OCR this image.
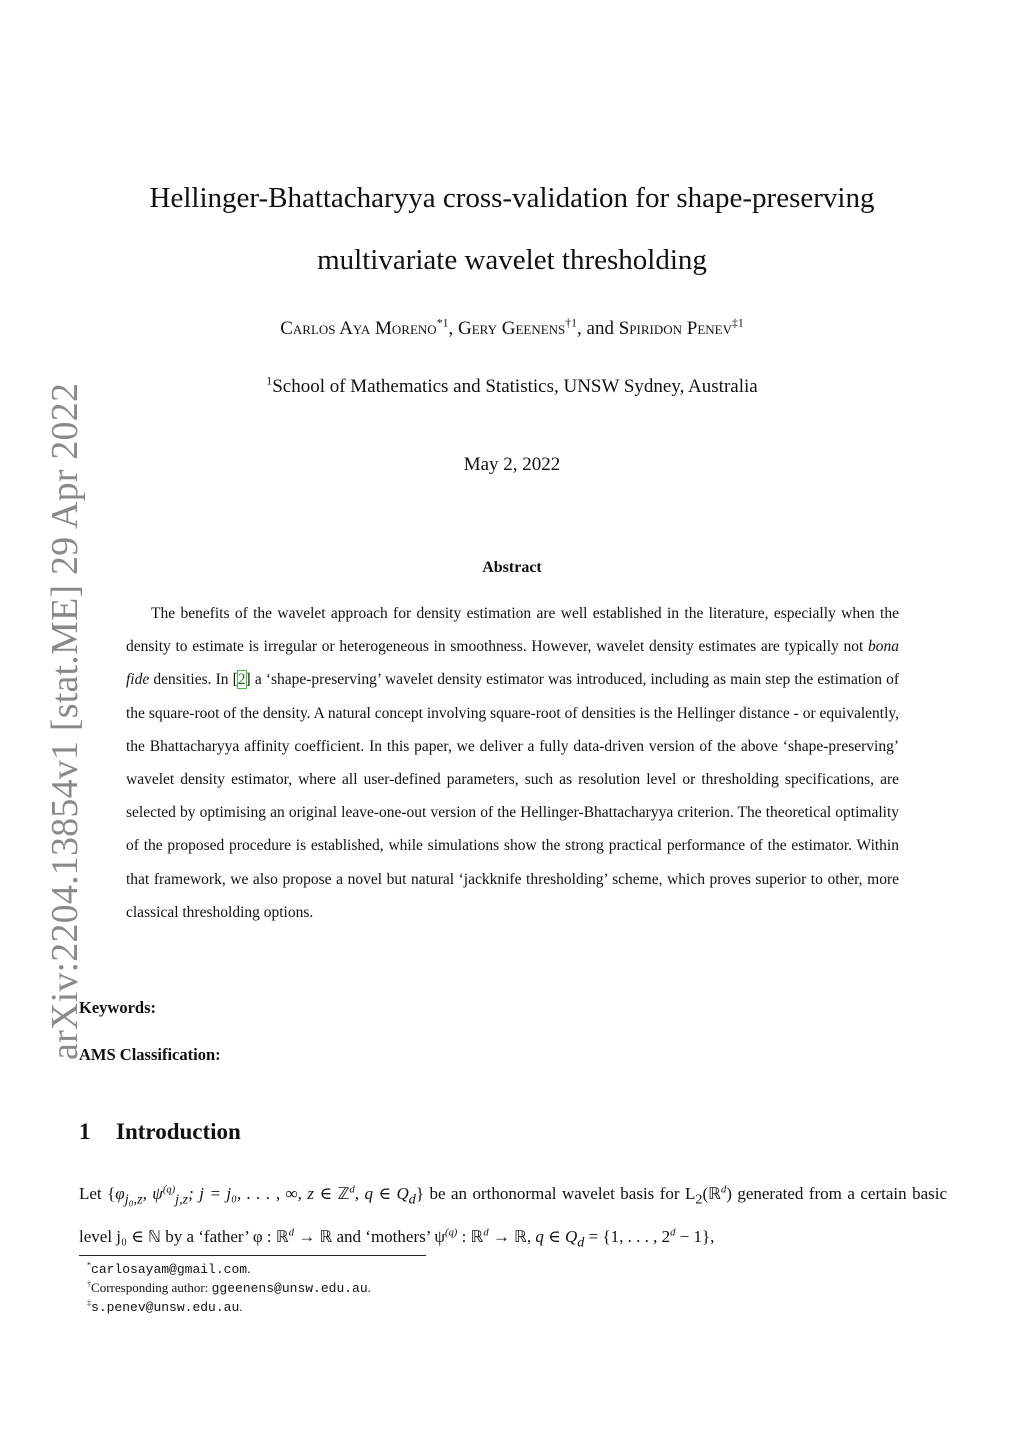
arXiv:2204.13854v1 [stat.ME] 29 Apr 2022
Hellinger-Bhattacharyya cross-validation for shape-preserving
multivariate wavelet thresholding
Carlos Aya Moreno$^{*1}$, Gery Geenens$^{\dagger 1}$, and Spiridon Penev$^{\ddagger 1}$
$^1$School of Mathematics and Statistics, UNSW Sydney, Australia
May 2, 2022
Abstract

The benefits of the wavelet approach for density estimation are well established in the literature, especially when the density to estimate is irregular or heterogeneous in smoothness. However, wavelet density estimates are typically not bona fide densities. In [2] a ‘shape-preserving’ wavelet density estimator was introduced, including as main step the estimation of the square-root of the density. A natural concept involving square-root of densities is the Hellinger distance - or equivalently, the Bhattacharyya affinity coefficient. In this paper, we deliver a fully data-driven version of the above ‘shape-preserving’ wavelet density estimator, where all user-defined parameters, such as resolution level or thresholding specifications, are selected by optimising an original leave-one-out version of the Hellinger-Bhattacharyya criterion. The theoretical optimality of the proposed procedure is established, while simulations show the strong practical performance of the estimator. Within that framework, we also propose a novel but natural ‘jackknife thresholding’ scheme, which proves superior to other, more classical thresholding options.

Keywords:
AMS Classification:
1 Introduction
Let {$\varphi_{j_0,z}$, $\psi^{(q)}_{j,z}$; j = j₀, . . . , ∞, z ∈ ℤ$^d$, q ∈ $Q_d$} be an orthonormal wavelet basis for $L_2(ℝ^d)$ generated from a certain basic level j₀ ∈ ℕ by a ‘father’ φ : ℝ$^d$ → ℝ and ‘mothers’ $\psi^{(q)}$ : ℝ$^d$ → ℝ, q ∈ $Q_d = \{1$, . . . , $2^d - 1$},
*carlosayam@gmail.com.
†Corresponding author: ggeenens@unsw.edu.au.
‡s.penev@unsw.edu.au.
